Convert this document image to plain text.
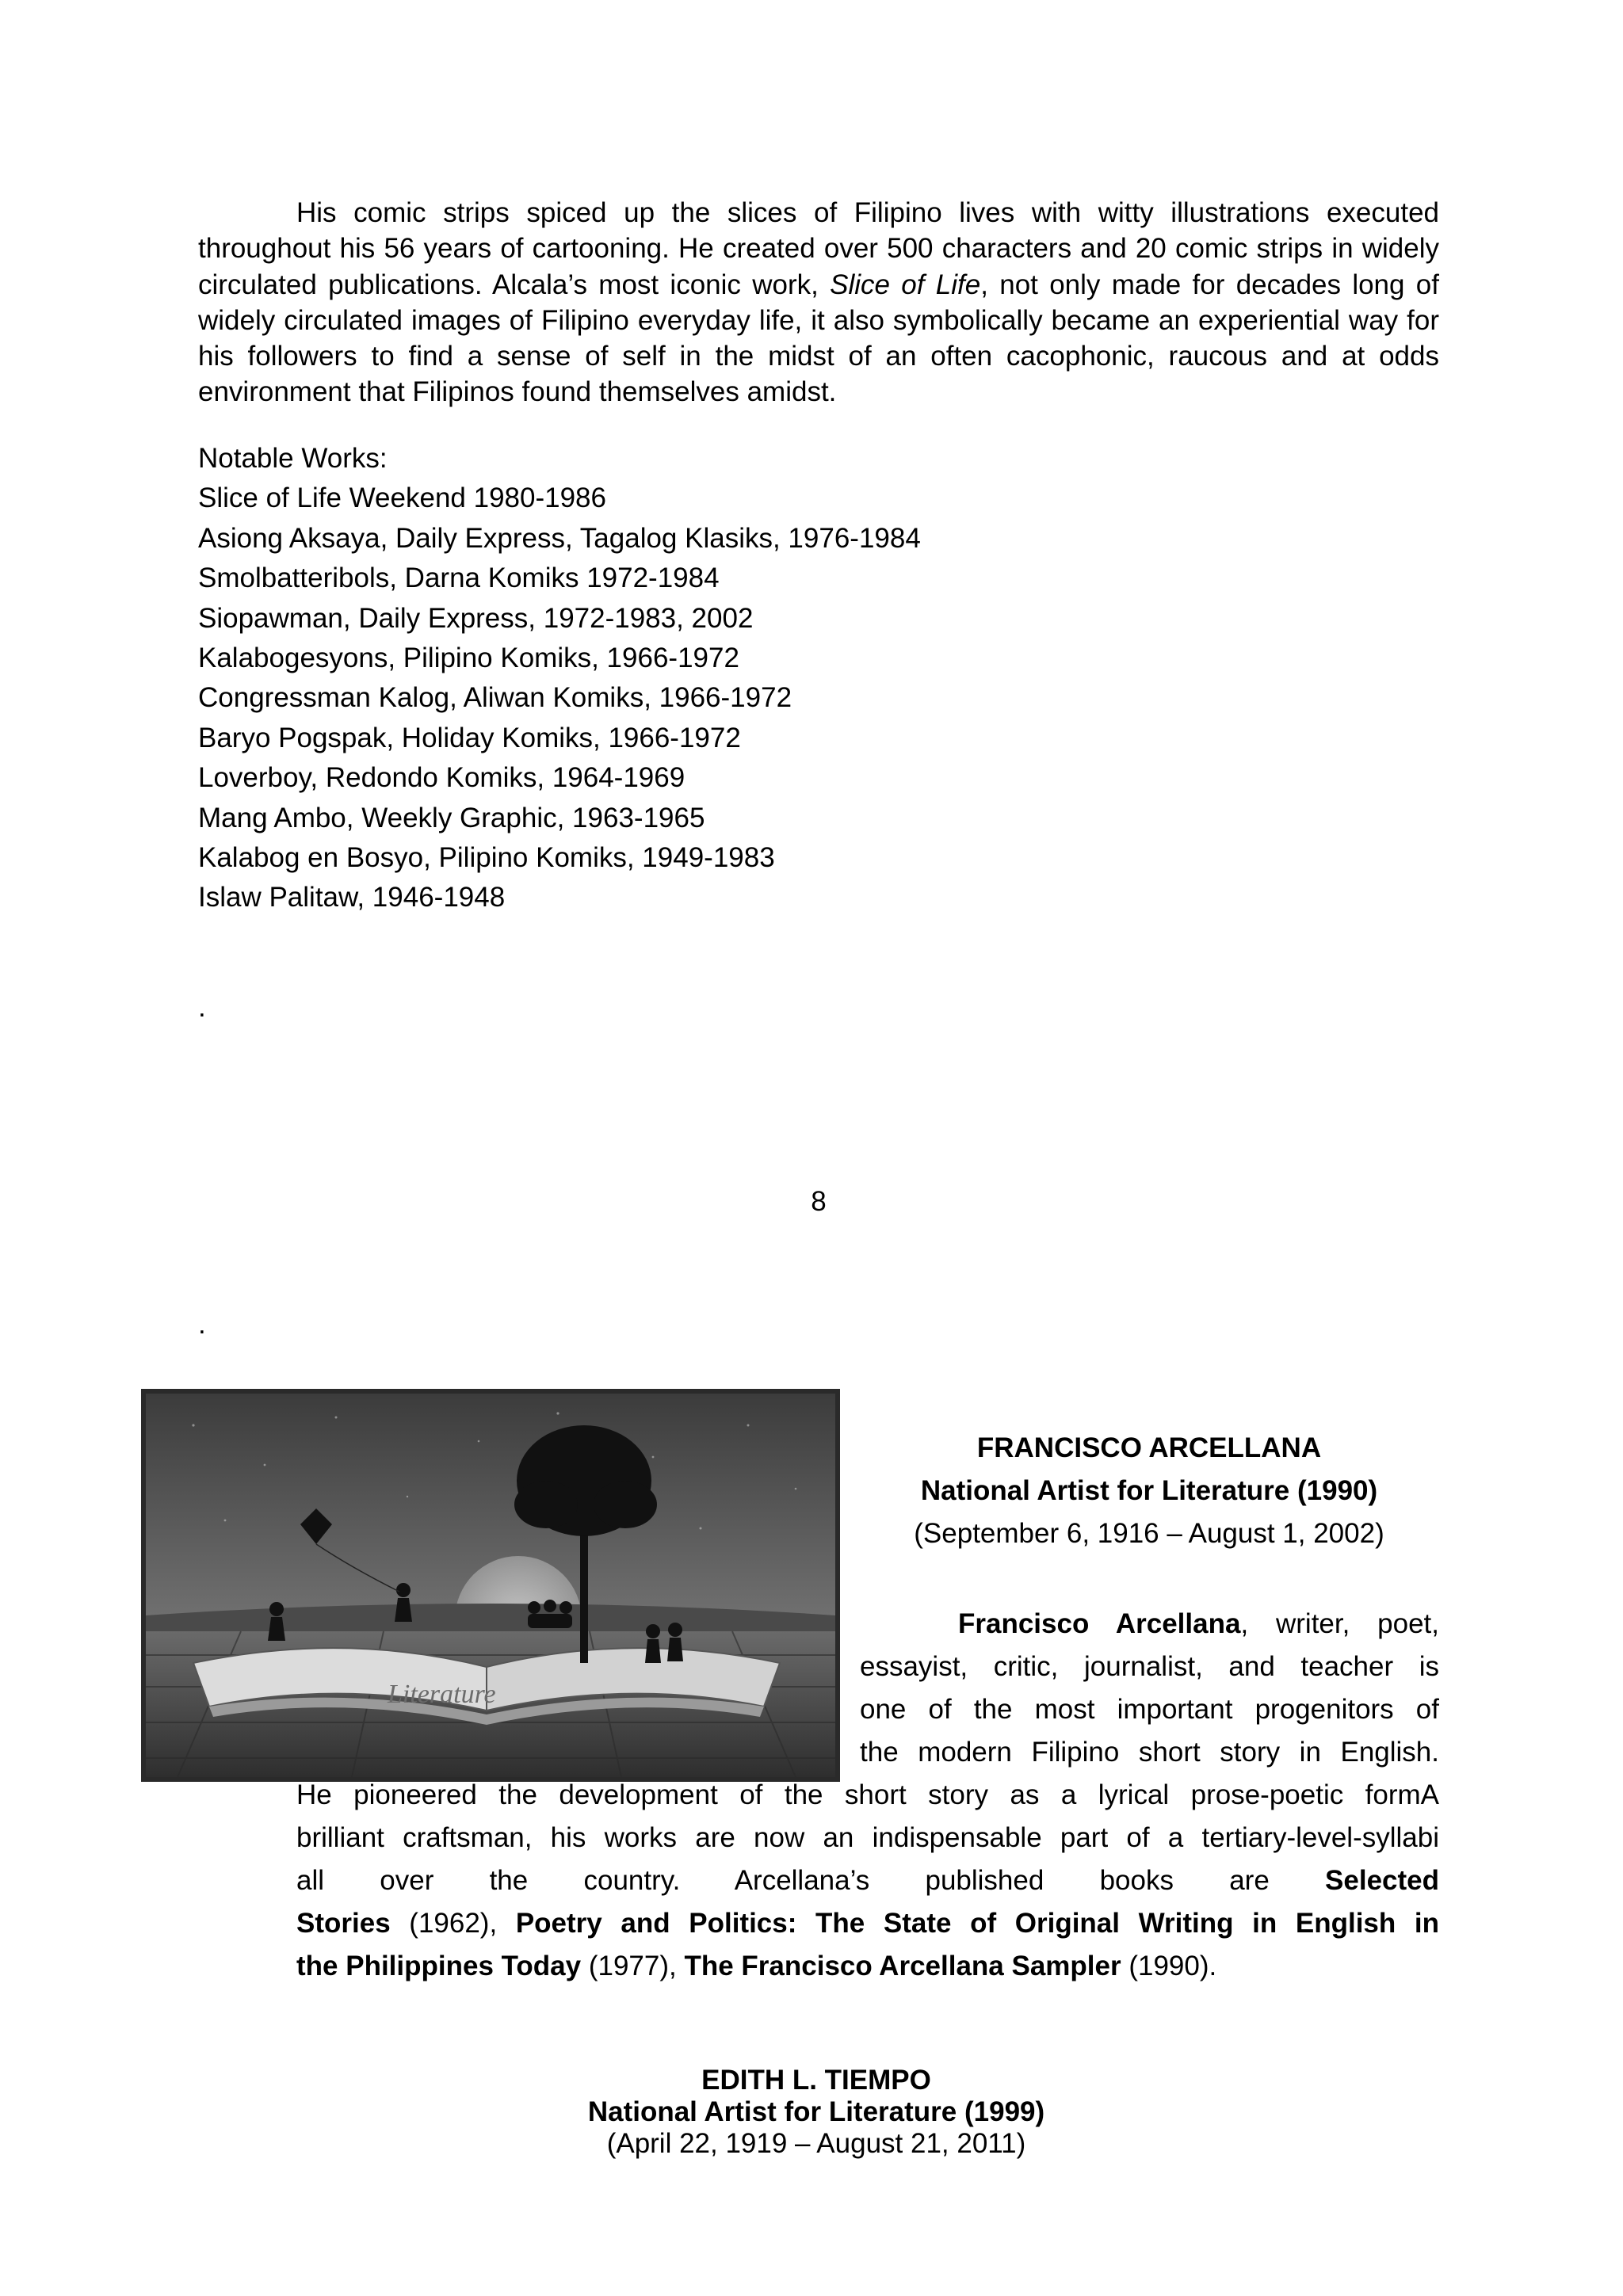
His comic strips spiced up the slices of Filipino lives with witty illustrations executed throughout his 56 years of cartooning. He created over 500 characters and 20 comic strips in widely circulated publications. Alcala’s most iconic work, Slice of Life, not only made for decades long of widely circulated images of Filipino everyday life, it also symbolically became an experiential way for his followers to find a sense of self in the midst of an often cacophonic, raucous and at odds environment that Filipinos found themselves amidst.

Notable Works:
Slice of Life Weekend 1980-1986
Asiong Aksaya, Daily Express, Tagalog Klasiks, 1976-1984
Smolbatteribols, Darna Komiks 1972-1984
Siopawman, Daily Express, 1972-1983, 2002
Kalabogesyons, Pilipino Komiks, 1966-1972
Congressman Kalog, Aliwan Komiks, 1966-1972
Baryo Pogspak, Holiday Komiks, 1966-1972
Loverboy, Redondo Komiks, 1964-1969
Mang Ambo, Weekly Graphic, 1963-1965
Kalabog en Bosyo, Pilipino Komiks, 1949-1983
Islaw Palitaw, 1946-1948
.
8
.
Literature
FRANCISCO ARCELLANA
National Artist for Literature (1990)
(September 6, 1916 – August 1, 2002)
Francisco Arcellana, writer, poet,
essayist, critic, journalist, and teacher is
one of the most important progenitors of
the modern Filipino short story in English.
He pioneered the development of the short story as a lyrical prose-poetic formA
brilliant craftsman, his works are now an indispensable part of a tertiary-level-syllabi
all over the country. Arcellana’s published books are Selected
Stories (1962), Poetry and Politics: The State of Original Writing in English in
the Philippines Today (1977), The Francisco Arcellana Sampler (1990).
EDITH L. TIEMPO
National Artist for Literature (1999)
(April 22, 1919 – August 21, 2011)
